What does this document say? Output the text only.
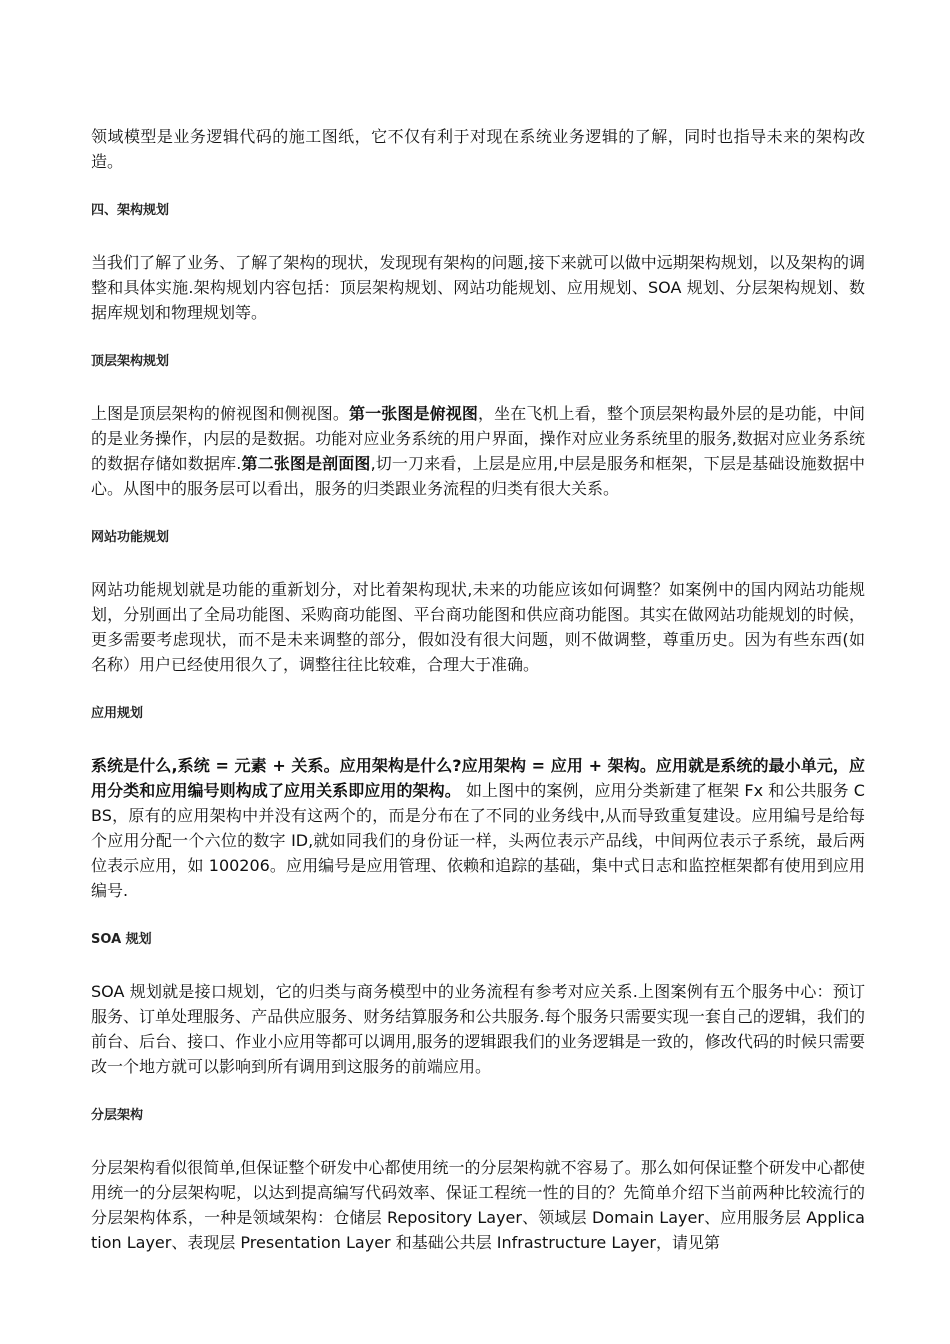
领域模型是业务逻辑代码的施工图纸，它不仅有利于对现在系统业务逻辑的了解，同时也指导未来的架构改造。

四、架构规划

当我们了解了业务、了解了架构的现状，发现现有架构的问题,接下来就可以做中远期架构规划，以及架构的调整和具体实施.架构规划内容包括：顶层架构规划、网站功能规划、应用规划、SOA 规划、分层架构规划、数据库规划和物理规划等。

顶层架构规划

上图是顶层架构的俯视图和侧视图。第一张图是俯视图，坐在飞机上看，整个顶层架构最外层的是功能，中间的是业务操作，内层的是数据。功能对应业务系统的用户界面，操作对应业务系统里的服务,数据对应业务系统的数据存储如数据库.第二张图是剖面图,切一刀来看，上层是应用,中层是服务和框架，下层是基础设施数据中心。从图中的服务层可以看出，服务的归类跟业务流程的归类有很大关系。

网站功能规划

网站功能规划就是功能的重新划分，对比着架构现状,未来的功能应该如何调整？如案例中的国内网站功能规划，分别画出了全局功能图、采购商功能图、平台商功能图和供应商功能图。其实在做网站功能规划的时候，更多需要考虑现状，而不是未来调整的部分，假如没有很大问题，则不做调整，尊重历史。因为有些东西(如名称）用户已经使用很久了，调整往往比较难，合理大于准确。

应用规划

系统是什么,系统 = 元素 + 关系。应用架构是什么?应用架构 = 应用 + 架构。应用就是系统的最小单元，应用分类和应用编号则构成了应用关系即应用的架构。 如上图中的案例，应用分类新建了框架 Fx 和公共服务 CBS，原有的应用架构中并没有这两个的，而是分布在了不同的业务线中,从而导致重复建设。应用编号是给每个应用分配一个六位的数字 ID,就如同我们的身份证一样，头两位表示产品线，中间两位表示子系统，最后两位表示应用，如 100206。应用编号是应用管理、依赖和追踪的基础，集中式日志和监控框架都有使用到应用编号.

SOA 规划

SOA 规划就是接口规划，它的归类与商务模型中的业务流程有参考对应关系.上图案例有五个服务中心：预订服务、订单处理服务、产品供应服务、财务结算服务和公共服务.每个服务只需要实现一套自己的逻辑，我们的前台、后台、接口、作业小应用等都可以调用,服务的逻辑跟我们的业务逻辑是一致的，修改代码的时候只需要改一个地方就可以影响到所有调用到这服务的前端应用。

分层架构

分层架构看似很简单,但保证整个研发中心都使用统一的分层架构就不容易了。那么如何保证整个研发中心都使用统一的分层架构呢，以达到提高编写代码效率、保证工程统一性的目的？先简单介绍下当前两种比较流行的分层架构体系，一种是领域架构：仓储层 Repository Layer、领域层 Domain Layer、应用服务层 Application Layer、表现层 Presentation Layer 和基础公共层 Infrastructure Layer，请见第
